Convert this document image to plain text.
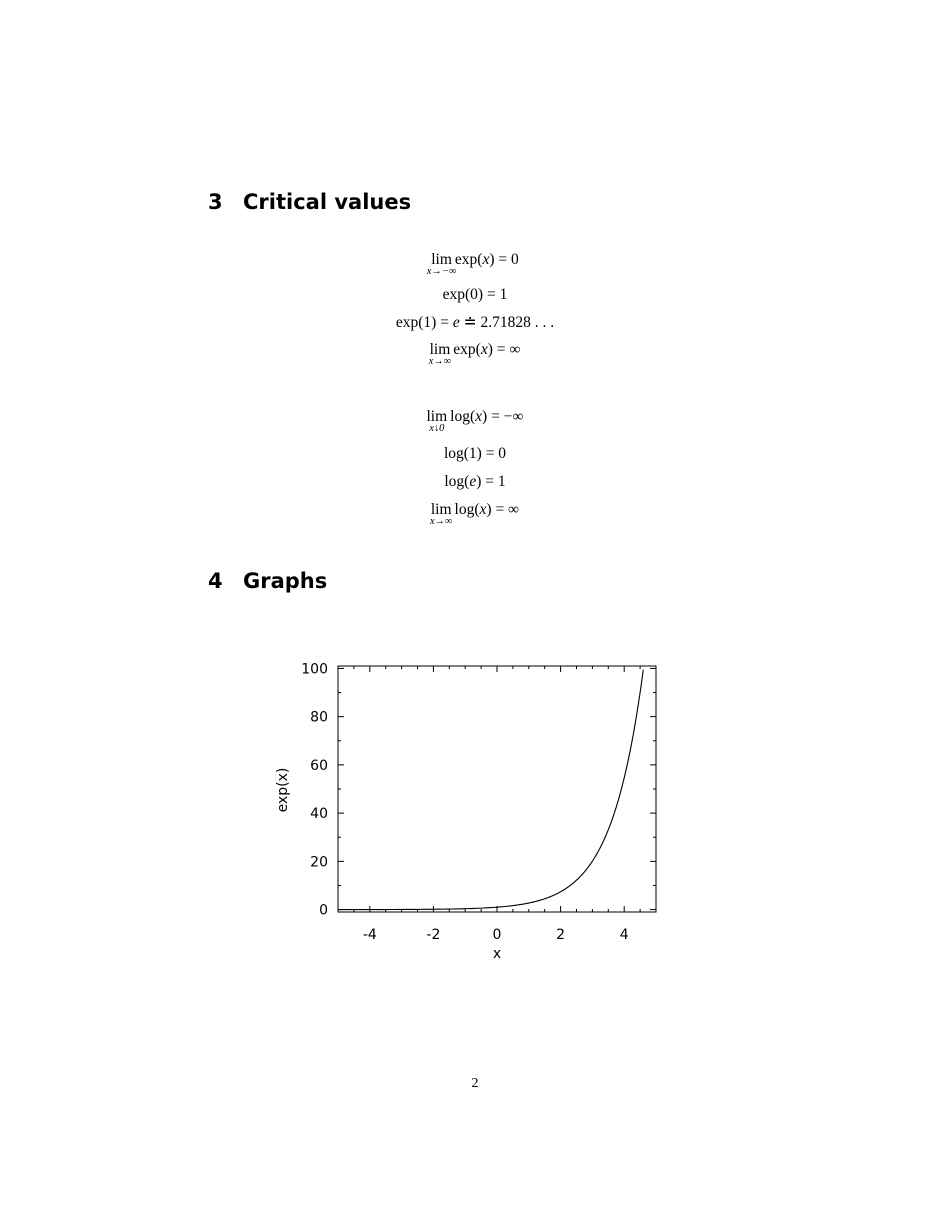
3 Critical values
lim
x→−∞
exp(x) = 0
exp(0) = 1
exp(1) = e ≐ 2.71828 . . .
lim
x→∞
exp(x) = ∞
lim
x↓0
log(x) = −∞
log(1) = 0
log(e) = 1
lim
x→∞
log(x) = ∞
4 Graphs
-4	-2	0	2	4
0
20
40
60
80
100
x
exp(x)
2
